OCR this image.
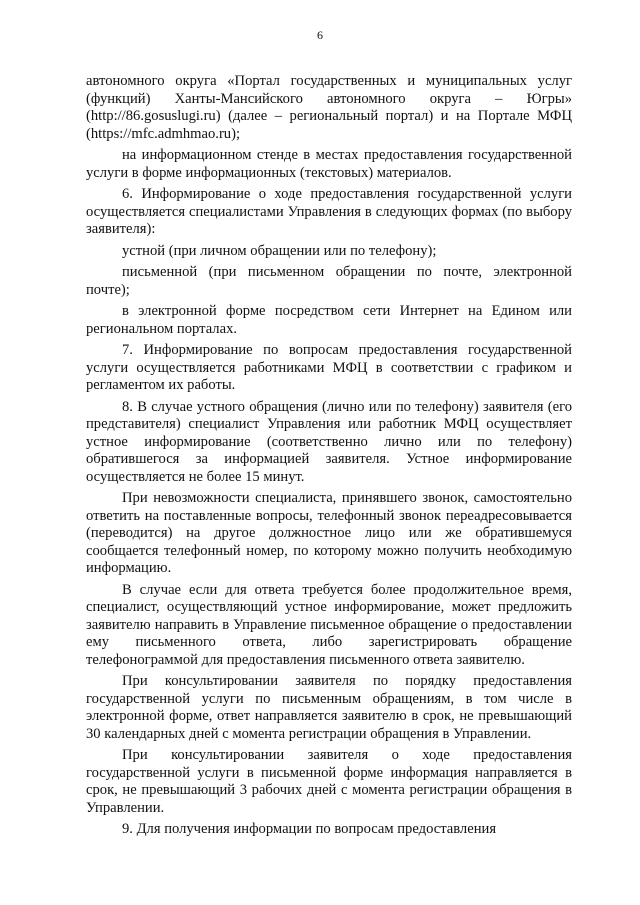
6

автономного округа «Портал государственных и муниципальных услуг (функций) Ханты-Мансийского автономного округа – Югры» (http://86.gosuslugi.ru) (далее – региональный портал) и на Портале МФЦ (https://mfc.admhmao.ru);

на информационном стенде в местах предоставления государственной услуги в форме информационных (текстовых) материалов.

6. Информирование о ходе предоставления государственной услуги осуществляется специалистами Управления в следующих формах (по выбору заявителя):

устной (при личном обращении или по телефону);

письменной (при письменном обращении по почте, электронной почте);

в электронной форме посредством сети Интернет на Едином или региональном порталах.

7. Информирование по вопросам предоставления государственной услуги осуществляется работниками МФЦ в соответствии с графиком и регламентом их работы.

8. В случае устного обращения (лично или по телефону) заявителя (его представителя) специалист Управления или работник МФЦ осуществляет устное информирование (соответственно лично или по телефону) обратившегося за информацией заявителя. Устное информирование осуществляется не более 15 минут.

При невозможности специалиста, принявшего звонок, самостоятельно ответить на поставленные вопросы, телефонный звонок переадресовывается (переводится) на другое должностное лицо или же обратившемуся сообщается телефонный номер, по которому можно получить необходимую информацию.

В случае если для ответа требуется более продолжительное время, специалист, осуществляющий устное информирование, может предложить заявителю направить в Управление письменное обращение о предоставлении ему письменного ответа, либо зарегистрировать обращение телефонограммой для предоставления письменного ответа заявителю.

При консультировании заявителя по порядку предоставления государственной услуги по письменным обращениям, в том числе в электронной форме, ответ направляется заявителю в срок, не превышающий 30 календарных дней с момента регистрации обращения в Управлении.

При консультировании заявителя о ходе предоставления государственной услуги в письменной форме информация направляется в срок, не превышающий 3 рабочих дней с момента регистрации обращения в Управлении.

9. Для получения информации по вопросам предоставления
